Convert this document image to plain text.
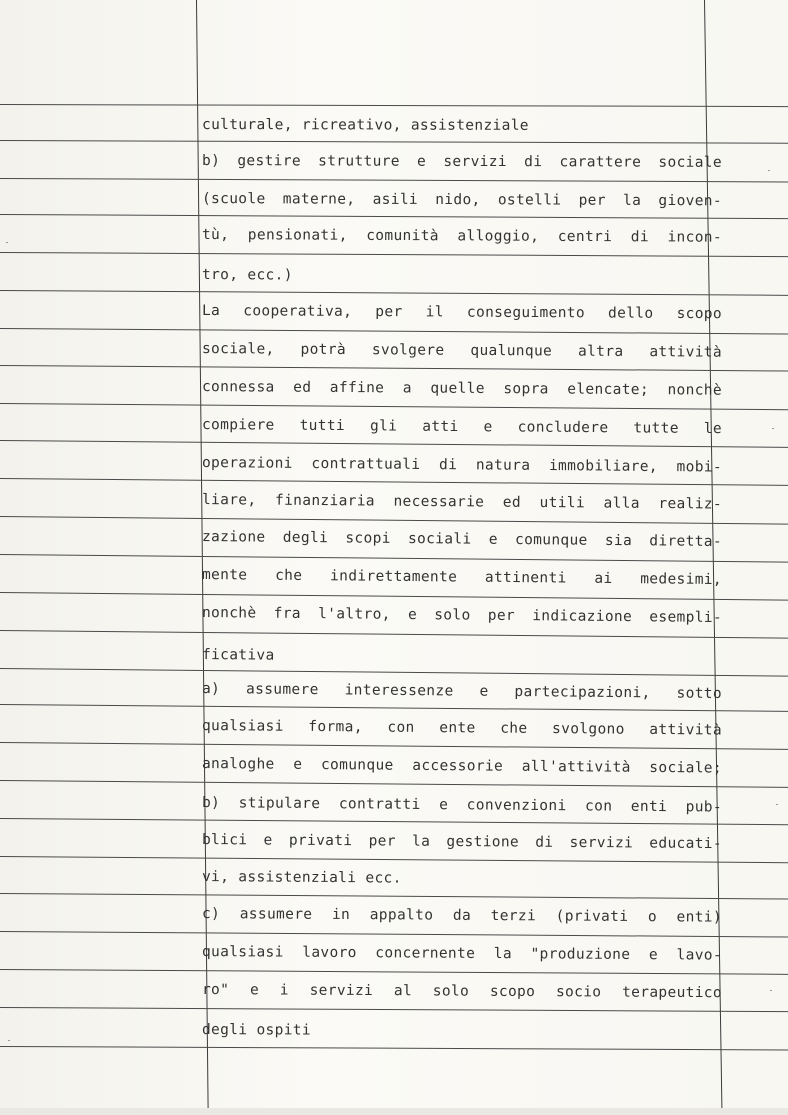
culturale, ricreativo, assistenziale
b) gestire strutture e servizi di carattere sociale
(scuole materne, asili nido, ostelli per la gioven-
tù, pensionati, comunità alloggio, centri di incon-
tro, ecc.)
La cooperativa, per il conseguimento dello scopo
sociale, potrà svolgere qualunque altra attività
connessa ed affine a quelle sopra elencate; nonchè
compiere tutti gli atti e concludere tutte le
operazioni contrattuali di natura immobiliare, mobi-
liare, finanziaria necessarie ed utili alla realiz-
zazione degli scopi sociali e comunque sia diretta-
mente che indirettamente attinenti ai medesimi,
nonchè fra l'altro, e solo per indicazione esempli-
ficativa
a) assumere interessenze e partecipazioni, sotto
qualsiasi forma, con ente che svolgono attività
analoghe e comunque accessorie all'attività sociale;
b) stipulare contratti e convenzioni con enti pub-
blici e privati per la gestione di servizi educati-
vi, assistenziali ecc.
c) assumere in appalto da terzi (privati o enti)
qualsiasi lavoro concernente la "produzione e lavo-
ro" e i servizi al solo scopo socio terapeutico
degli ospiti
